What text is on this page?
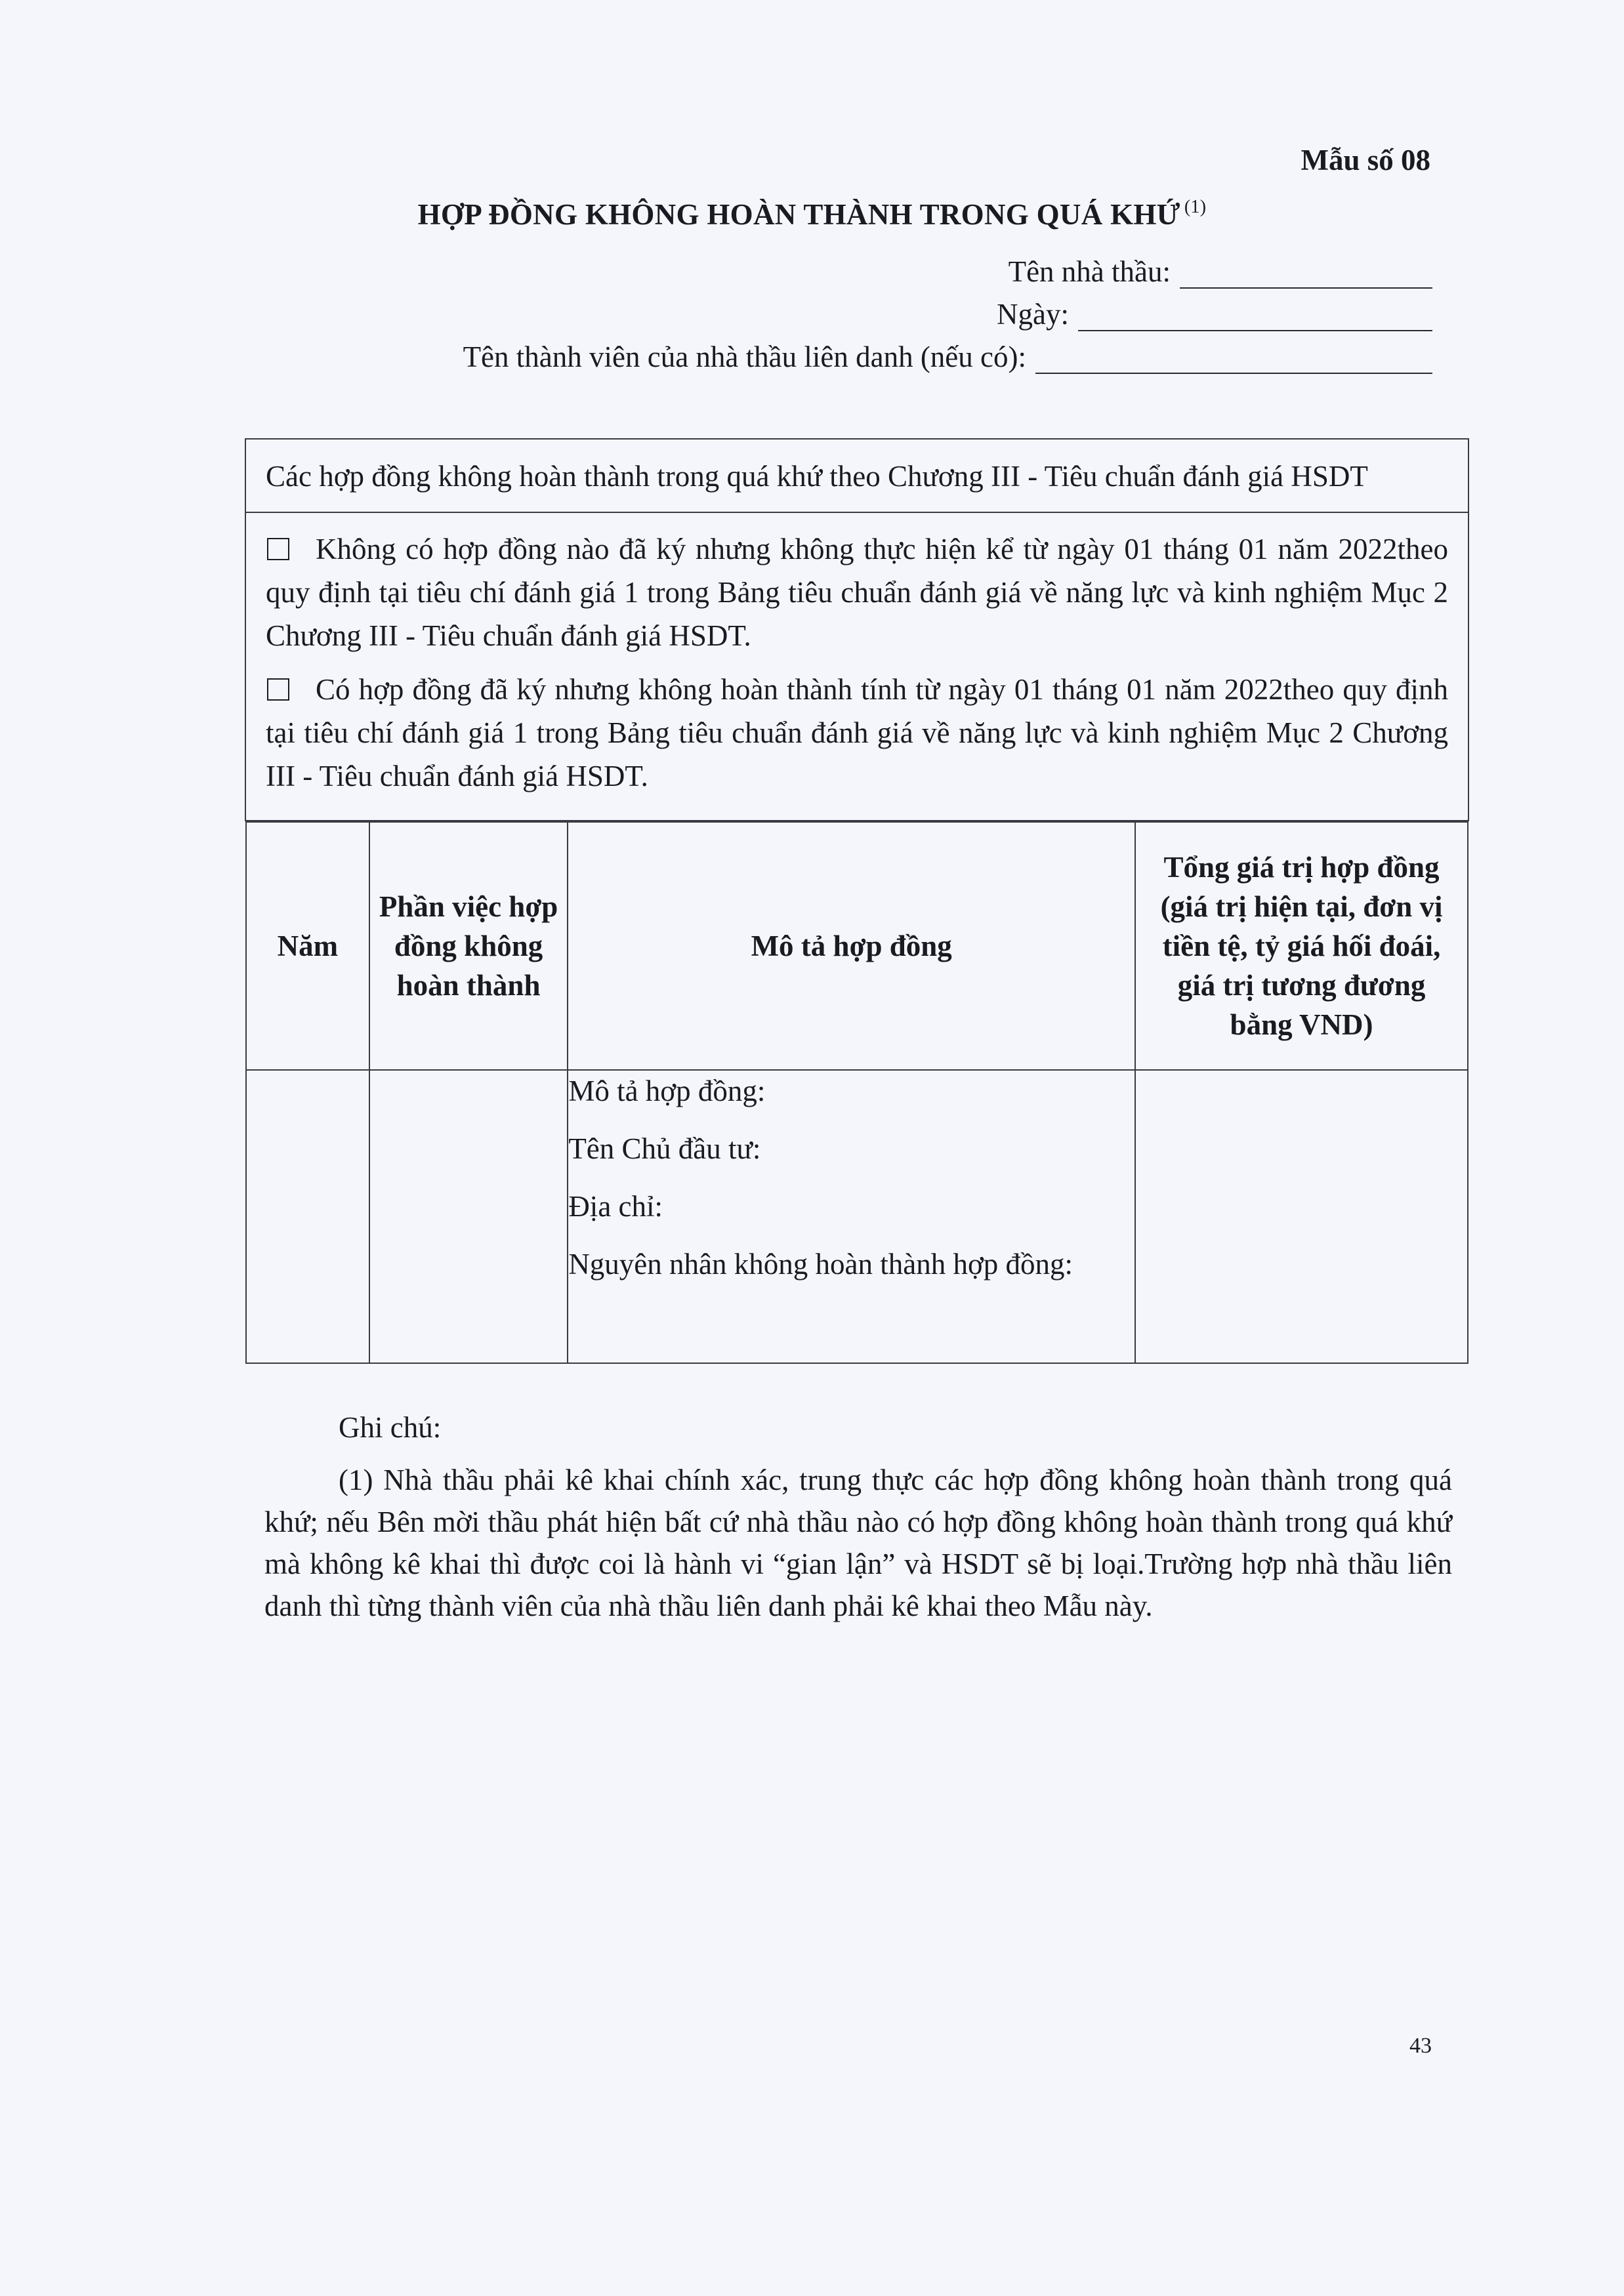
Mẫu số 08
HỢP ĐỒNG KHÔNG HOÀN THÀNH TRONG QUÁ KHỨ $^{(1)}$
Tên nhà thầu:
Ngày:
Tên thành viên của nhà thầu liên danh (nếu có):
Các hợp đồng không hoàn thành trong quá khứ theo Chương III - Tiêu chuẩn đánh giá HSDT

Không có hợp đồng nào đã ký nhưng không thực hiện kể từ ngày 01 tháng 01 năm 2022theo quy định tại tiêu chí đánh giá 1 trong Bảng tiêu chuẩn đánh giá về năng lực và kinh nghiệm Mục 2 Chương III - Tiêu chuẩn đánh giá HSDT.
Có hợp đồng đã ký nhưng không hoàn thành tính từ ngày 01 tháng 01 năm 2022theo quy định tại tiêu chí đánh giá 1 trong Bảng tiêu chuẩn đánh giá về năng lực và kinh nghiệm Mục 2 Chương III - Tiêu chuẩn đánh giá HSDT.

Năm	Phần việc hợp đồng không hoàn thành	Mô tả hợp đồng	Tổng giá trị hợp đồng (giá trị hiện tại, đơn vị tiền tệ, tỷ giá hối đoái, giá trị tương đương bằng VND)

Mô tả hợp đồng:
Tên Chủ đầu tư:
Địa chỉ:
Nguyên nhân không hoàn thành hợp đồng:

Ghi chú:
(1) Nhà thầu phải kê khai chính xác, trung thực các hợp đồng không hoàn thành trong quá khứ; nếu Bên mời thầu phát hiện bất cứ nhà thầu nào có hợp đồng không hoàn thành trong quá khứ mà không kê khai thì được coi là hành vi “gian lận” và HSDT sẽ bị loại.Trường hợp nhà thầu liên danh thì từng thành viên của nhà thầu liên danh phải kê khai theo Mẫu này.
43
